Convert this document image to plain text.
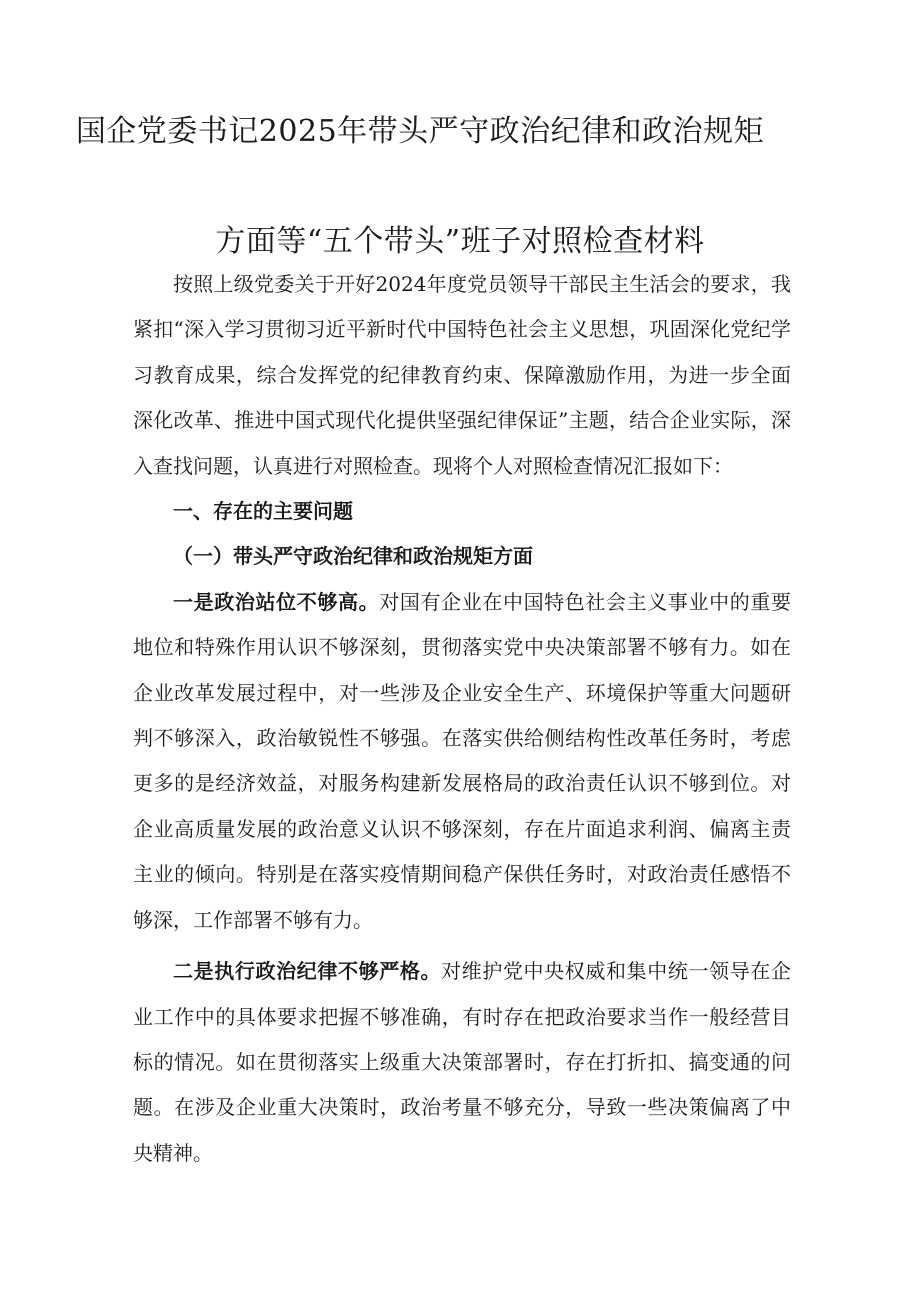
国企党委书记2025年带头严守政治纪律和政治规矩
方面等“五个带头”班子对照检查材料

按照上级党委关于开好2024年度党员领导干部民主生活会的要求，我紧扣“深入学习贯彻习近平新时代中国特色社会主义思想，巩固深化党纪学习教育成果，综合发挥党的纪律教育约束、保障激励作用，为进一步全面深化改革、推进中国式现代化提供坚强纪律保证”主题，结合企业实际，深入查找问题，认真进行对照检查。现将个人对照检查情况汇报如下：

一、存在的主要问题

（一）带头严守政治纪律和政治规矩方面

一是政治站位不够高。对国有企业在中国特色社会主义事业中的重要地位和特殊作用认识不够深刻，贯彻落实党中央决策部署不够有力。如在企业改革发展过程中，对一些涉及企业安全生产、环境保护等重大问题研判不够深入，政治敏锐性不够强。在落实供给侧结构性改革任务时，考虑更多的是经济效益，对服务构建新发展格局的政治责任认识不够到位。对企业高质量发展的政治意义认识不够深刻，存在片面追求利润、偏离主责主业的倾向。特别是在落实疫情期间稳产保供任务时，对政治责任感悟不够深，工作部署不够有力。

二是执行政治纪律不够严格。对维护党中央权威和集中统一领导在企业工作中的具体要求把握不够准确，有时存在把政治要求当作一般经营目标的情况。如在贯彻落实上级重大决策部署时，存在打折扣、搞变通的问题。在涉及企业重大决策时，政治考量不够充分，导致一些决策偏离了中央精神。
